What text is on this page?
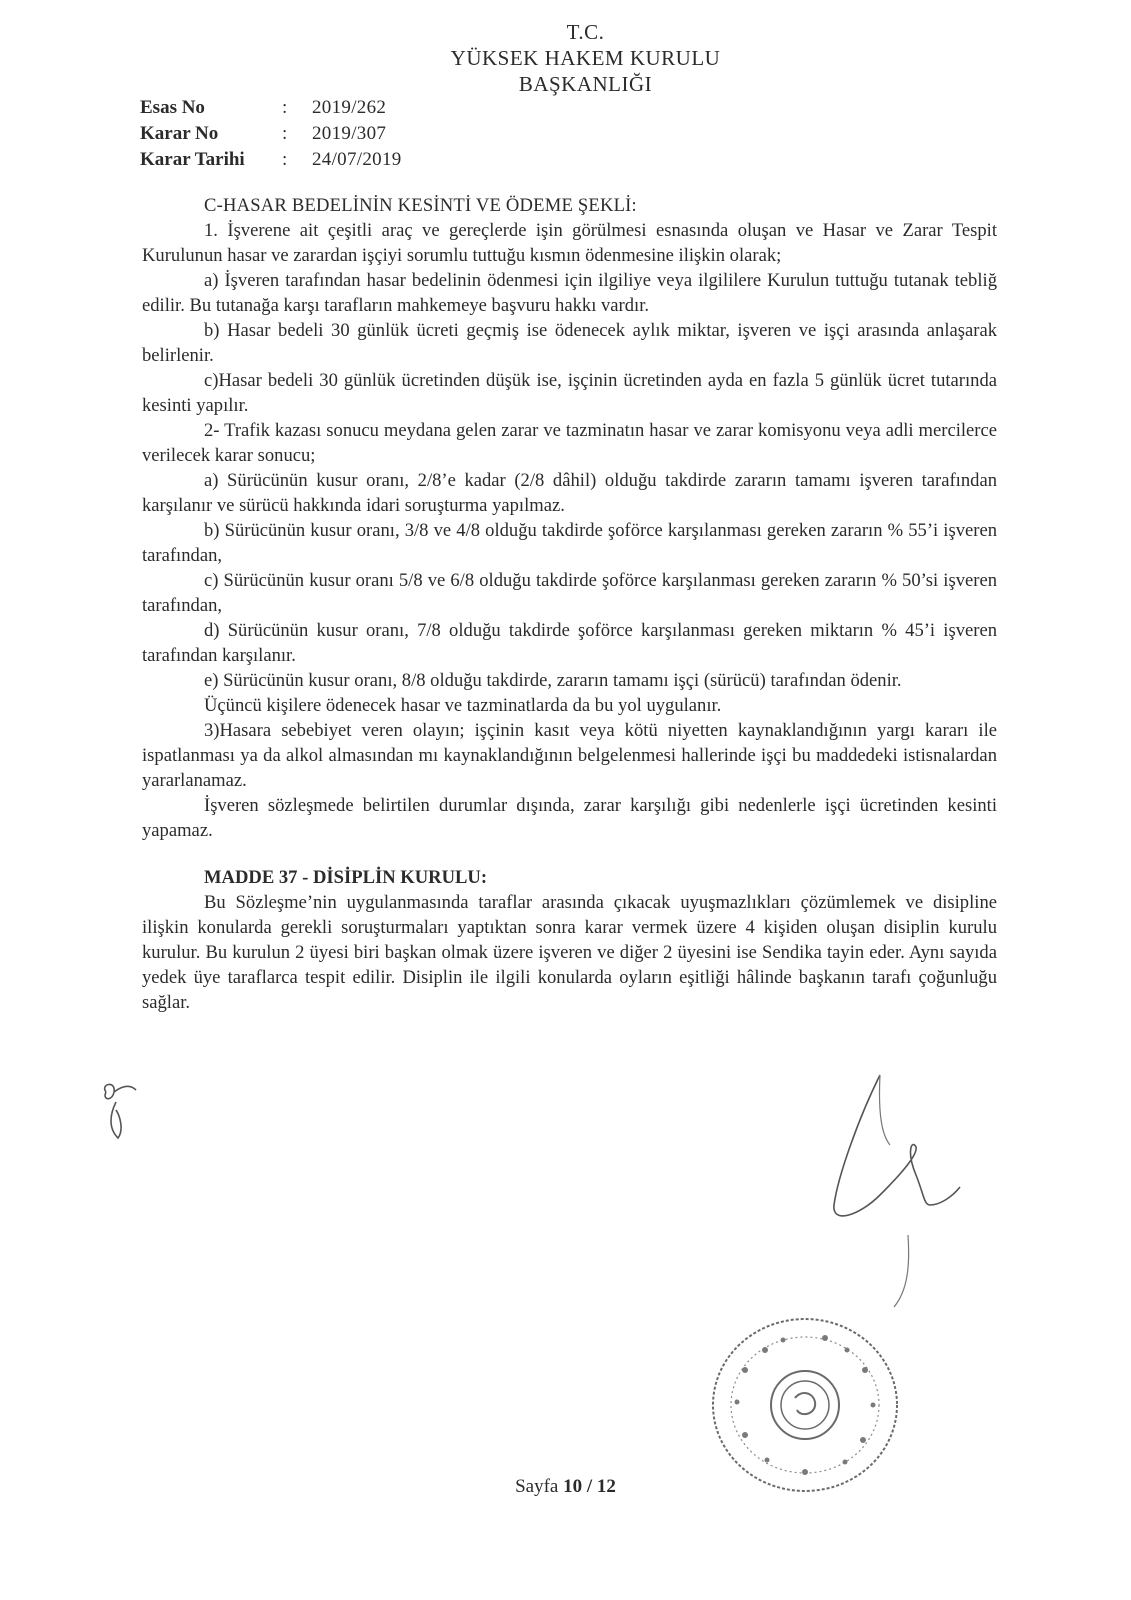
T.C.
YÜKSEK HAKEM KURULU
BAŞKANLIĞI
Esas No	:	2019/262
Karar No	:	2019/307
Karar Tarihi	:	24/07/2019
C-HASAR BEDELİNİN KESİNTİ VE ÖDEME ŞEKLİ:

1. İşverene ait çeşitli araç ve gereçlerde işin görülmesi esnasında oluşan ve Hasar ve Zarar Tespit Kurulunun hasar ve zarardan işçiyi sorumlu tuttuğu kısmın ödenmesine ilişkin olarak;

a) İşveren tarafından hasar bedelinin ödenmesi için ilgiliye veya ilgililere Kurulun tuttuğu tutanak tebliğ edilir. Bu tutanağa karşı tarafların mahkemeye başvuru hakkı vardır.

b) Hasar bedeli 30 günlük ücreti geçmiş ise ödenecek aylık miktar, işveren ve işçi arasında anlaşarak belirlenir.

c)Hasar bedeli 30 günlük ücretinden düşük ise, işçinin ücretinden ayda en fazla 5 günlük ücret tutarında kesinti yapılır.

2- Trafik kazası sonucu meydana gelen zarar ve tazminatın hasar ve zarar komisyonu veya adli mercilerce verilecek karar sonucu;

a) Sürücünün kusur oranı, 2/8’e kadar (2/8 dâhil) olduğu takdirde zararın tamamı işveren tarafından karşılanır ve sürücü hakkında idari soruşturma yapılmaz.

b) Sürücünün kusur oranı, 3/8 ve 4/8 olduğu takdirde şoförce karşılanması gereken zararın % 55’i işveren tarafından,

c) Sürücünün kusur oranı 5/8 ve 6/8 olduğu takdirde şoförce karşılanması gereken zararın % 50’si işveren tarafından,

d) Sürücünün kusur oranı, 7/8 olduğu takdirde şoförce karşılanması gereken miktarın % 45’i işveren tarafından karşılanır.

e) Sürücünün kusur oranı, 8/8 olduğu takdirde, zararın tamamı işçi (sürücü) tarafından ödenir.

Üçüncü kişilere ödenecek hasar ve tazminatlarda da bu yol uygulanır.

3)Hasara sebebiyet veren olayın; işçinin kasıt veya kötü niyetten kaynaklandığının yargı kararı ile ispatlanması ya da alkol almasından mı kaynaklandığının belgelenmesi hallerinde işçi bu maddedeki istisnalardan yararlanamaz.

İşveren sözleşmede belirtilen durumlar dışında, zarar karşılığı gibi nedenlerle işçi ücretinden kesinti yapamaz.

MADDE 37 - DİSİPLİN KURULU:

Bu Sözleşme’nin uygulanmasında taraflar arasında çıkacak uyuşmazlıkları çözümlemek ve disipline ilişkin konularda gerekli soruşturmaları yaptıktan sonra karar vermek üzere 4 kişiden oluşan disiplin kurulu kurulur. Bu kurulun 2 üyesi biri başkan olmak üzere işveren ve diğer 2 üyesini ise Sendika tayin eder. Aynı sayıda yedek üye taraflarca tespit edilir. Disiplin ile ilgili konularda oyların eşitliği hâlinde başkanın tarafı çoğunluğu sağlar.

Sayfa 10 / 12
